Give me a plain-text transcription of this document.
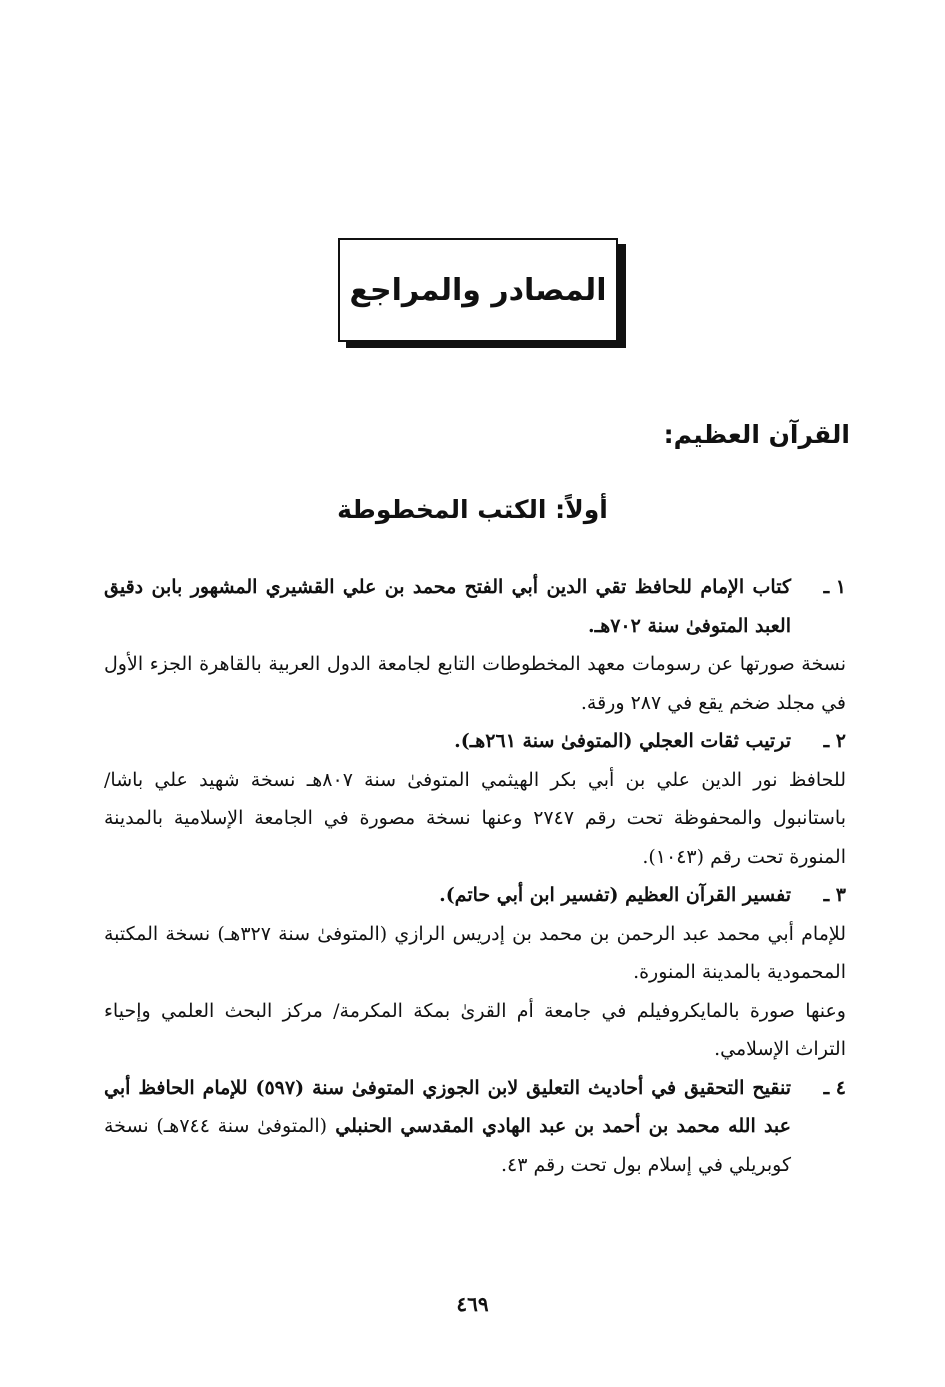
المصادر والمراجع
القرآن العظيم:
أولاً: الكتب المخطوطة
١ ـ
كتاب الإمام للحافظ تقي الدين أبي الفتح محمد بن علي القشيري المشهور بابن دقيق العبد المتوفىٰ سنة ٧٠٢هـ.
نسخة صورتها عن رسومات معهد المخطوطات التابع لجامعة الدول العربية بالقاهرة الجزء الأول في مجلد ضخم يقع في ٢٨٧ ورقة.
٢ ـ
ترتيب ثقات العجلي (المتوفىٰ سنة ٢٦١هـ).
للحافظ نور الدين علي بن أبي بكر الهيثمي المتوفىٰ سنة ٨٠٧هـ نسخة شهيد علي باشا/ باستانبول والمحفوظة تحت رقم ٢٧٤٧ وعنها نسخة مصورة في الجامعة الإسلامية بالمدينة المنورة تحت رقم (١٠٤٣).
٣ ـ
تفسير القرآن العظيم (تفسير ابن أبي حاتم).
للإمام أبي محمد عبد الرحمن بن محمد بن إدريس الرازي (المتوفىٰ سنة ٣٢٧هـ) نسخة المكتبة المحمودية بالمدينة المنورة.
وعنها صورة بالمايكروفيلم في جامعة أم القرىٰ بمكة المكرمة/ مركز البحث العلمي وإحياء التراث الإسلامي.
٤ ـ
تنقيح التحقيق في أحاديث التعليق لابن الجوزي المتوفىٰ سنة (٥٩٧) للإمام الحافظ أبي عبد الله محمد بن أحمد بن عبد الهادي المقدسي الحنبلي (المتوفىٰ سنة ٧٤٤هـ) نسخة كوبريلي في إسلام بول تحت رقم ٤٣.
٤٦٩
